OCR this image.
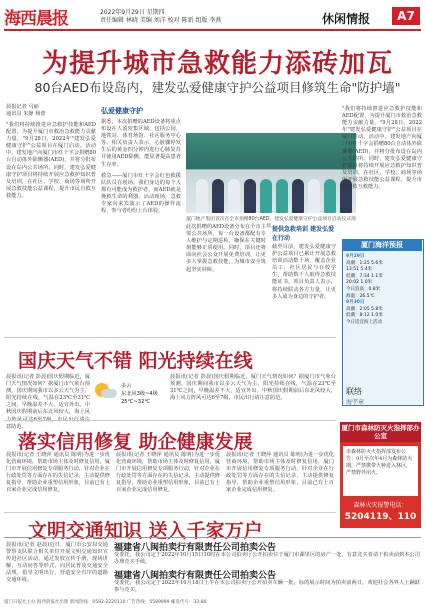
海西晨报	2022年9月29日 星期四
责任编辑 林晓 美编 刘洋 校对 陈新 组版 李燕	休闲情报	A7
为提升城市急救能力添砖加瓦
80台AED布设岛内，建发弘爱健康守护公益项目修筑生命"防护墙"
晨报记者 马丽
通讯员 朱静 杨蕾
"我们将持续推进应急救护技能和AED配置，为提升厦门市救治急救能力贡献力量。"9月28日，2022年"建发弘爱健康守护"公益项目在厦门启动。活动中，建发地产向厦门市红十字会捐赠80台自动体外除颤器(AED)，并将分批布设在岛内公共场所。同时，建发弘爱健康守护项目将持续开展应急救护知识普及培训，在社区、学校、商场等场所开展急救技能公益课程，提升市民自救互救能力。
弘爱健康守护
据悉，本次捐赠的AED设备将重点布设在人流密集区域，包括公园、地铁站、体育场馆、社区服务中心等。相关负责人表示，心脏骤停发生后的黄金四分钟内进行心肺复苏并使用AED除颤，能显著提高患者生存率。
救急——厦门市红十字会红色救援队队员在现场。我们身边的每个人都有可能成为救护者，而AED就是挽救生命的利器。活动现场，急救专家向来宾演示了AED的操作流程，参与者纷纷上台体验。
厦门地产集团首次在全市捐赠80台AED，建发弘爱健康守护公益项目启动仪式现场。
此次捐赠的AED设备分布在全市主要公共场所，每一台设备都配有专人维护与定期巡检，确保在关键时刻能够正常使用。同时，项目还将面向社会公众开展免费培训，让更多人掌握急救技能，为城市安全筑起坚实屏障。
提供急救培训 建发弘爱在行动
截至目前，建发弘爱健康守护公益项目已累计开展急救培训活动数十场，覆盖企业员工、社区居民与在校学生，帮助数千人取得急救技能证书。项目负责人表示，将持续联动各方力量，让更多人成为身边的守护者。
"我们将持续推进应急救护技能和AED配置，为提升厦门市救治急救能力贡献力量。"9月28日，2022年"建发弘爱健康守护"公益项目在厦门启动。活动中，建发地产向厦门市红十字会捐赠80台自动体外除颤器(AED)，并将分批布设在岛内公共场所。同时，建发弘爱健康守护项目将持续开展应急救护知识普及培训，在社区、学校、商场等场所开展急救技能公益课程，提升市民自救互救能力。
国庆天气不错 阳光持续在线
晨报讯(记者 彭晨)国庆假期临近，厦门天气情况如何？据厦门市气象台预测，国庆期间我市以多云天气为主，阳光持续在线，气温在23℃至31℃之间，早晚温差不大，适宜外出。中秋国庆假期前后东北风较大，海上风 意防范。
多云
东北风3级~4级
25℃~32℃
晨报讯(记者 彭晨)国庆假期临近，厦门天气情况如何？据厦门市气象台预测，国庆期间我市以多云天气为主，阳光持续在线，气温在23℃至31℃之间，早晚温差不大，适宜外出。中秋国庆假期前后东北风较大，海上风力阵风可达6至7级，市民出行请注意防范。
落实信用修复 助企健康发展
晨报讯(记者 王晓萍 通讯员 陈明)为进一步优化营商环境，帮助市场主体及时修复信用，厦门市开展信用修复专项服务行动，针对企业在行政处罚等方面存在的失信记录，主动提供修复指导，帮助企业重塑信用形象，目前已有上百家企业完成信用修复。
晨报讯(记者 王晓萍 通讯员 陈明)为进一步优化营商环境，帮助市场主体及时修复信用，厦门市开展信用修复专项服务行动，针对企业在行政处罚等方面存在的失信记录，主动提供修复指导，帮助企业重塑信用形象，目前已有上百家企业完成信用修复。
晨报讯(记者 王晓萍 通讯员 陈明)为进一步优化营商环境，帮助市场主体及时修复信用，厦门市开展信用修复专项服务行动，针对企业在行政处罚等方面存在的失信记录，主动提供修复指导，帮助企业重塑信用形象，目前已有上百家企业完成信用修复。
文明交通知识 送入千家万户
厦门海洋预报
9月29日
高潮：1:25 5.6米
13:51 5.4米
低潮：7:34 1.1米
20:02 1.0米
今日浪高：0.8米
海温：26.5℃
9月30日
高潮：2:05 5.8米
低潮：8:12 1.0米
今日适宜海上活动
联络
海宇章
厦门市森林防灭火指挥部办公室
市森林防灭火指挥部发布公告：9月至次年4月为森林防火期，严禁携带火种进入林区，严禁野外用火。
森林火灾报警电话：
5204119、110
福建省八闽拍卖行有限责任公司拍卖公告
受委托，我公司定于2022年10月15日10时在本公司拍卖厅公开拍卖位于厦门市湖里区的房产一处，有意竞买者请于拍卖前到本公司办理竞买手续。
福建省八闽拍卖行有限责任公司拍卖公告
受委托，我公司定于2022年10月18日上午在本公司拍卖厅公开拍卖车辆一批，标的展示时间为拍卖前两日，欢迎社会各界人士踊跃参与竞买。
晨报讯(记者 赵晨)近日，厦门市公安局交通警察支队联合相关单位开展文明交通知识宣传进社区活动，通过发放宣传手册、现场讲解、互动问答等形式，向居民普及交通安全法规，倡导文明出行，营造安全有序的道路交通环境。
厦门日报社主办 海西晨报社出版 新闻热线：0592-2220110 广告热线：5589999 邮发代号：33-80
